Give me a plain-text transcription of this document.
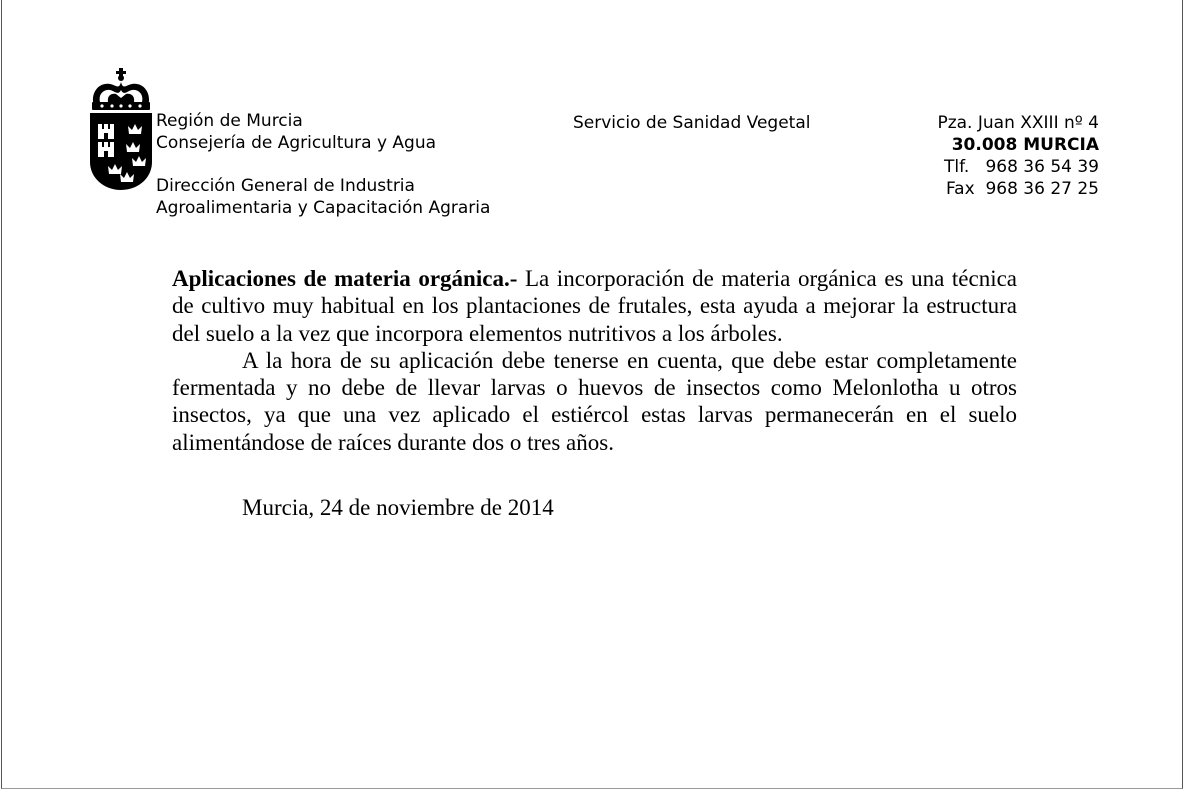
Región de Murcia
Consejería de Agricultura y Agua
Dirección General de Industria
Agroalimentaria y Capacitación Agraria
Servicio de Sanidad Vegetal	Pza. Juan XXIII nº 4
30.008 MURCIA
Tlf.   968 36 54 39
Fax  968 36 27 25

Aplicaciones de materia orgánica.- La incorporación de materia orgánica es una técnica de cultivo muy habitual en los plantaciones de frutales, esta ayuda a mejorar la estructura del suelo a la vez que incorpora elementos nutritivos a los árboles.

A la hora de su aplicación debe tenerse en cuenta, que debe estar completamente fermentada y no debe de llevar larvas o huevos de insectos como Melonlotha u otros insectos, ya que una vez aplicado el estiércol estas larvas permanecerán en el suelo alimentándose de raíces durante dos o tres años.

Murcia, 24 de noviembre de 2014
